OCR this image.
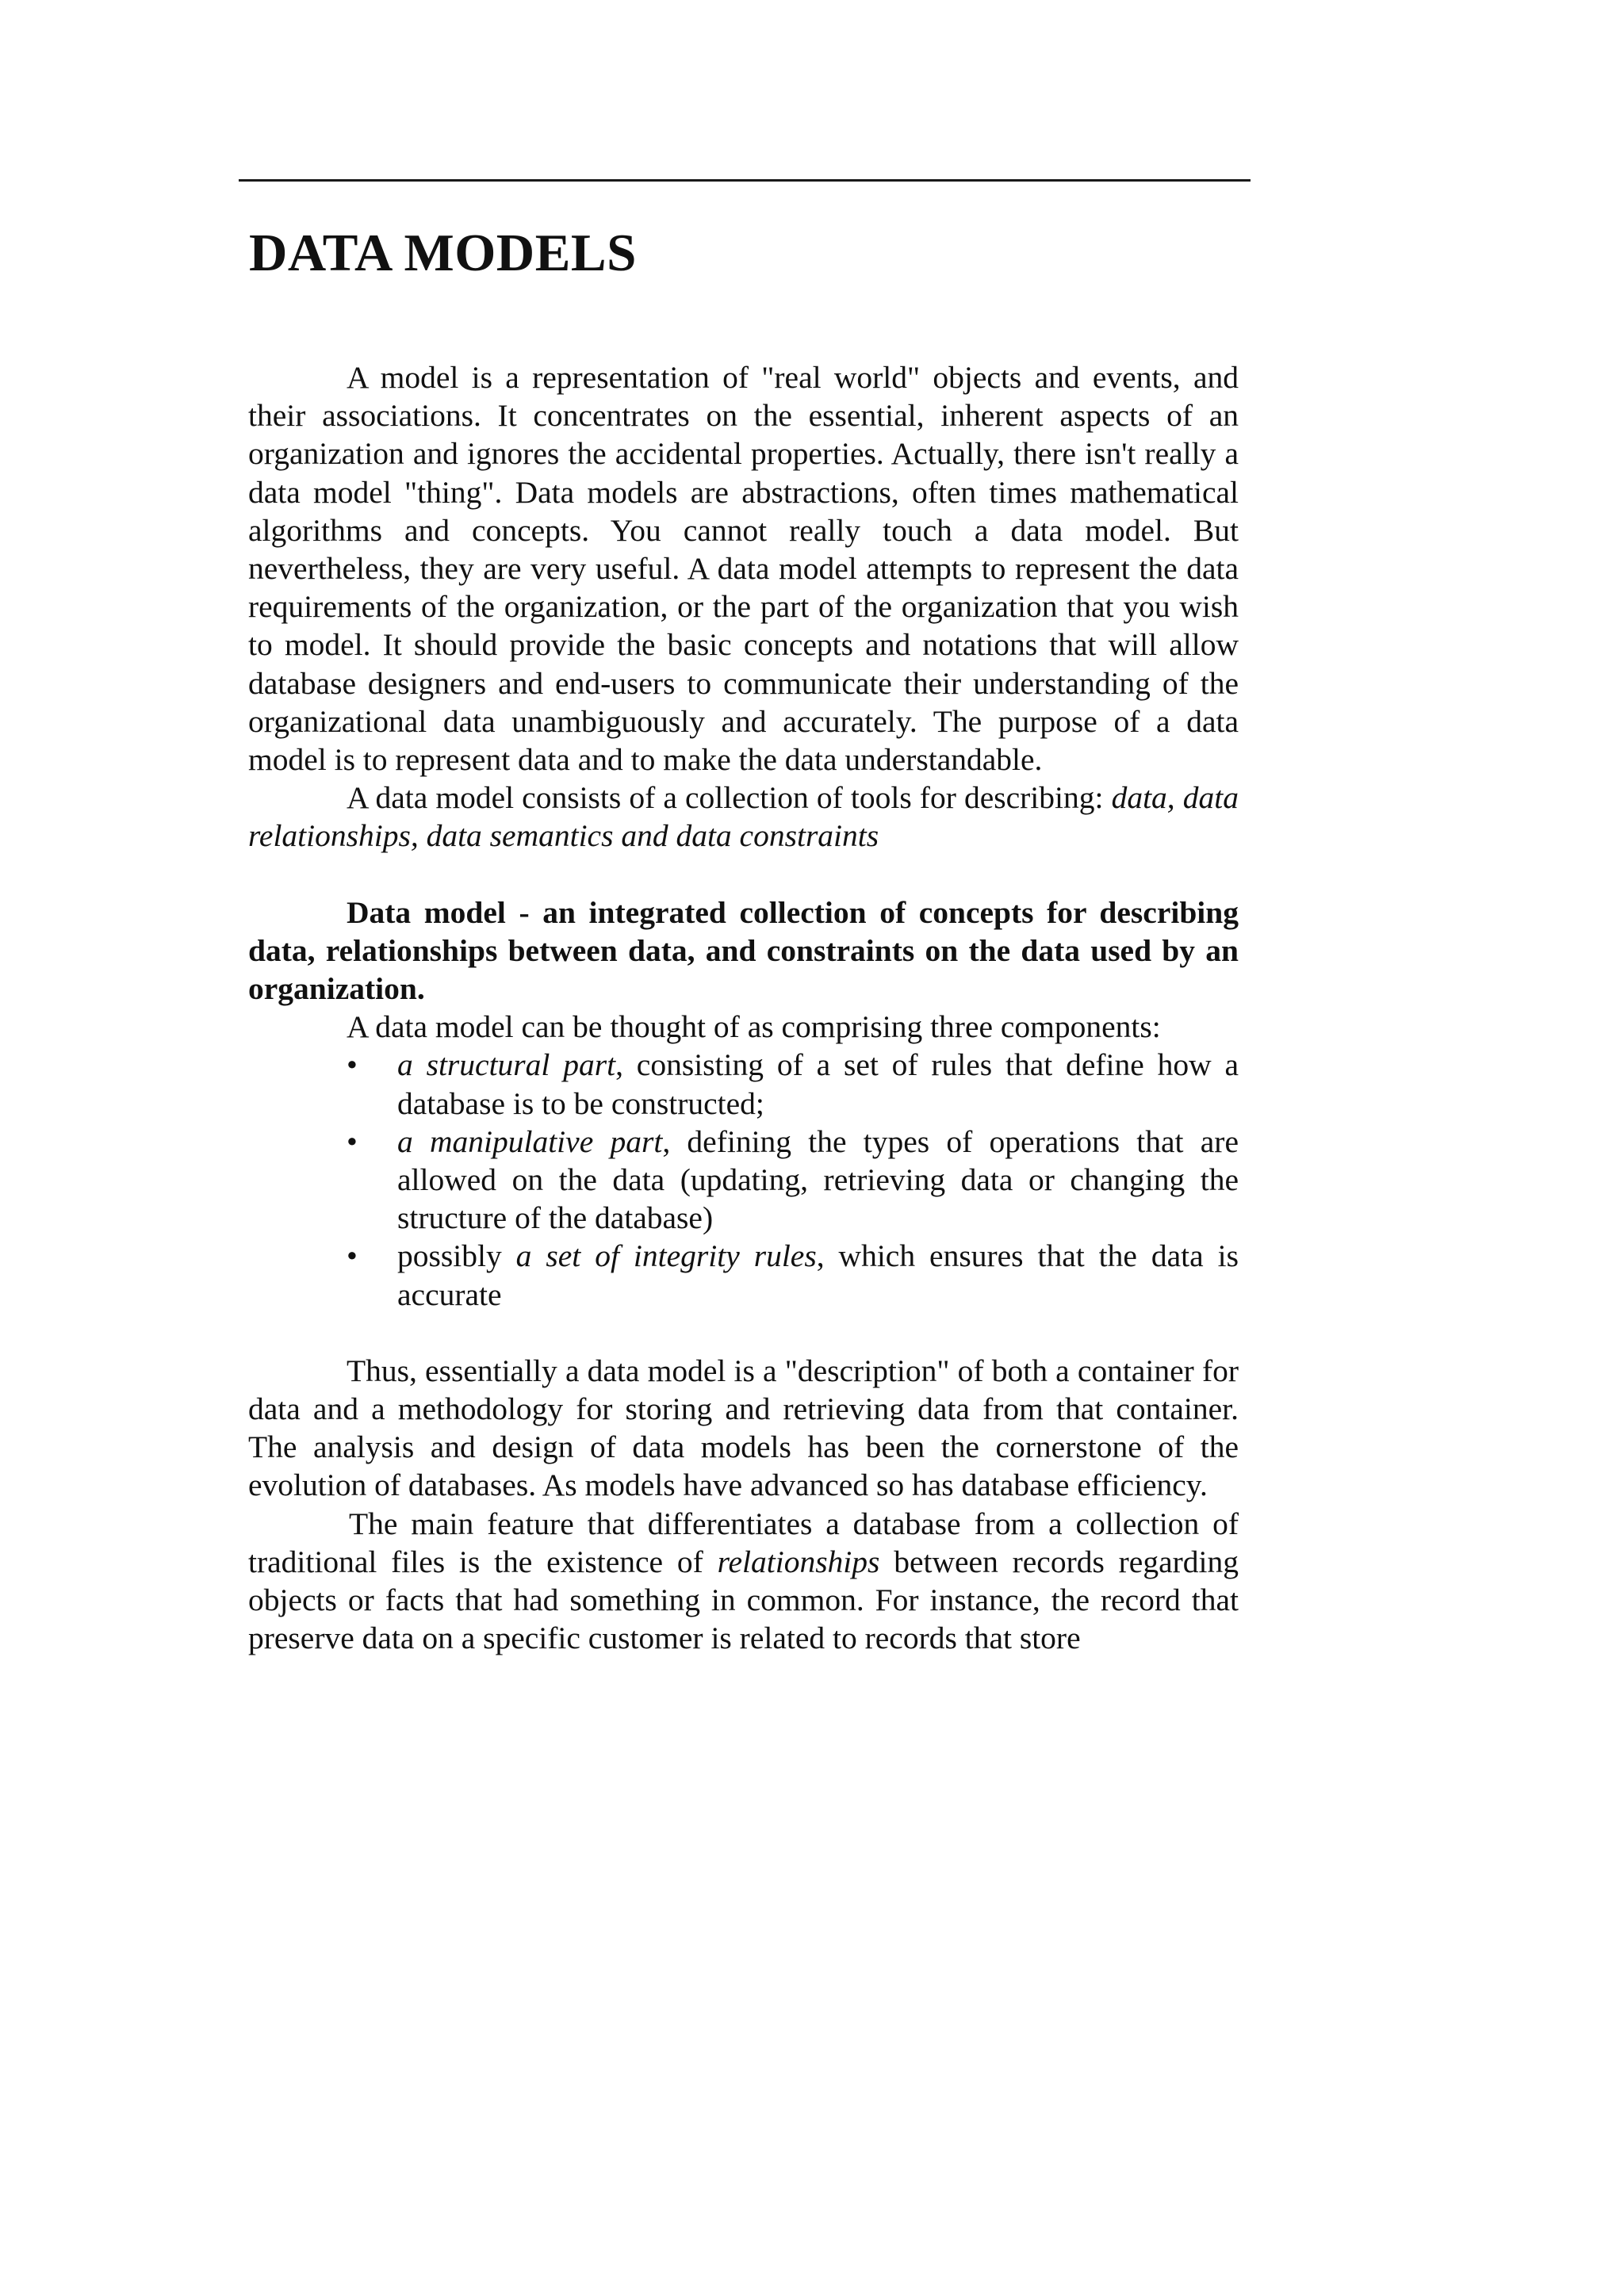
DATA MODELS

A model is a representation of "real world" objects and events, and their associations. It concentrates on the essential, inherent aspects of an organization and ignores the accidental properties. Actually, there isn't really a data model "thing". Data models are abstractions, often times mathematical algorithms and concepts. You cannot really touch a data model. But nevertheless, they are very useful. A data model attempts to represent the data requirements of the organization, or the part of the organization that you wish to model. It should provide the basic concepts and notations that will allow database designers and end-users to communicate their understanding of the organizational data unambiguously and accurately. The purpose of a data model is to represent data and to make the data understandable.

A data model consists of a collection of tools for describing: data, data relationships, data semantics and data constraints

Data model - an integrated collection of concepts for describing data, relationships between data, and constraints on the data used by an organization.

A data model can be thought of as comprising three components:

•	a structural part, consisting of a set of rules that define how a database is to be constructed;
•	a manipulative part, defining the types of operations that are allowed on the data (updating, retrieving data or changing the structure of the database)
•	possibly a set of integrity rules, which ensures that the data is accurate

Thus, essentially a data model is a "description" of both a container for data and a methodology for storing and retrieving data from that container. The analysis and design of data models has been the cornerstone of the evolution of databases. As models have advanced so has database efficiency.

The main feature that differentiates a database from a collection of traditional files is the existence of relationships between records regarding objects or facts that had something in common. For instance, the record that preserve data on a specific customer is related to records that store
